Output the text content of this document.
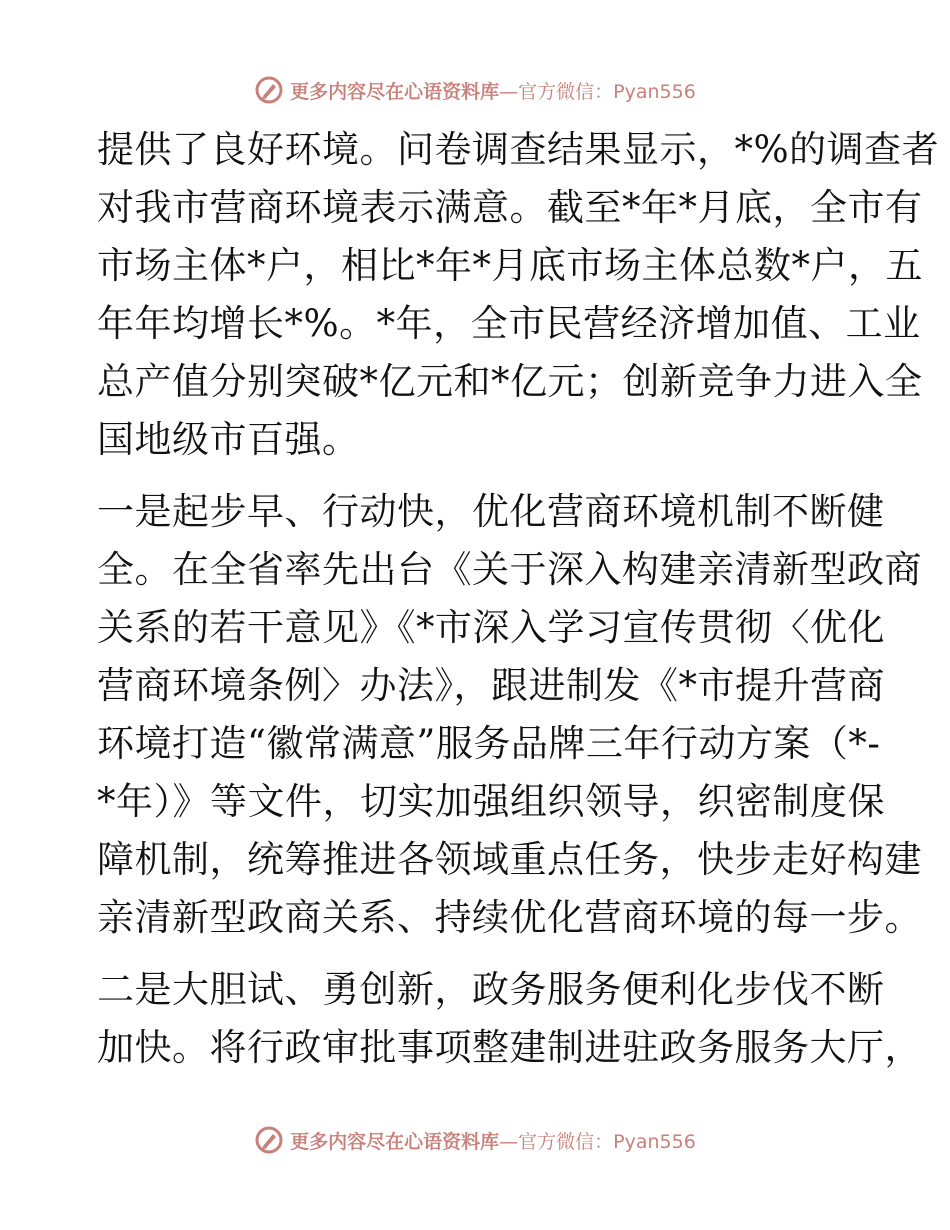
更多内容尽在心语资料库 —官方微信：Pyan556
提供了良好环境。问卷调查结果显示，*%的调查者
对我市营商环境表示满意。截至*年*月底，全市有
市场主体*户，相比*年*月底市场主体总数*户，五
年年均增长*%。*年，全市民营经济增加值、工业
总产值分别突破*亿元和*亿元；创新竞争力进入全
国地级市百强。
一是起步早、行动快，优化营商环境机制不断健
全。在全省率先出台《关于深入构建亲清新型政商
关系的若干意见》《*市深入学习宣传贯彻〈优化
营商环境条例〉办法》，跟进制发《*市提升营商
环境打造“徽常满意”服务品牌三年行动方案（*-
*年）》等文件，切实加强组织领导，织密制度保
障机制，统筹推进各领域重点任务，快步走好构建
亲清新型政商关系、持续优化营商环境的每一步。
二是大胆试、勇创新，政务服务便利化步伐不断
加快。将行政审批事项整建制进驻政务服务大厅，
更多内容尽在心语资料库 —官方微信：Pyan556
